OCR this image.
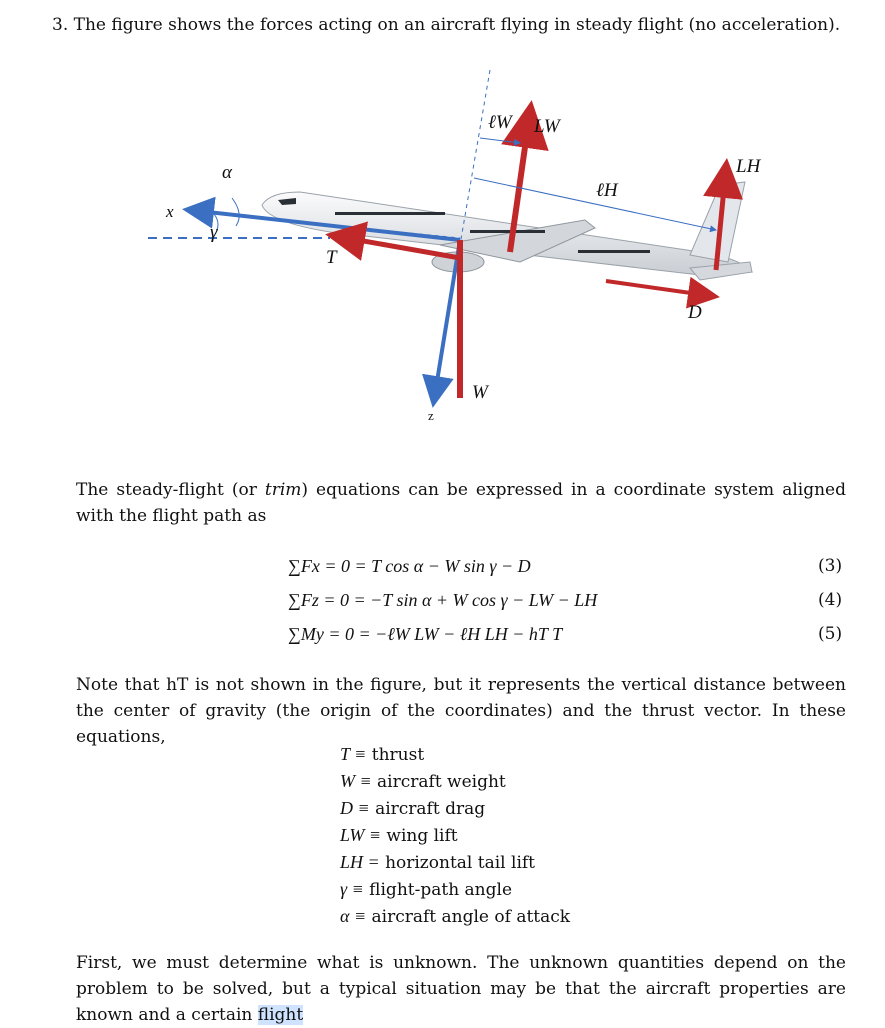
3. The figure shows the forces acting on an aircraft flying in steady flight (no acceleration).
α
x
γ
T
ℓW LW
ℓH
LH
D
W
z
The steady-flight (or trim) equations can be expressed in a coordinate system aligned with the flight path as
∑Fx = 0 = T cos α − W sin γ − D	(3)
∑Fz = 0 = −T sin α + W cos γ − LW − LH	(4)
∑My = 0 = −ℓW LW − ℓH LH − hT T	(5)
Note that hT is not shown in the figure, but it represents the vertical distance between the center of gravity (the origin of the coordinates) and the thrust vector. In these equations,
T ≡ thrust
W ≡ aircraft weight
D ≡ aircraft drag
LW ≡ wing lift
LH = horizontal tail lift
γ ≡ flight-path angle
α ≡ aircraft angle of attack
First, we must determine what is unknown. The unknown quantities depend on the problem to be solved, but a typical situation may be that the aircraft properties are known and a certain flight
